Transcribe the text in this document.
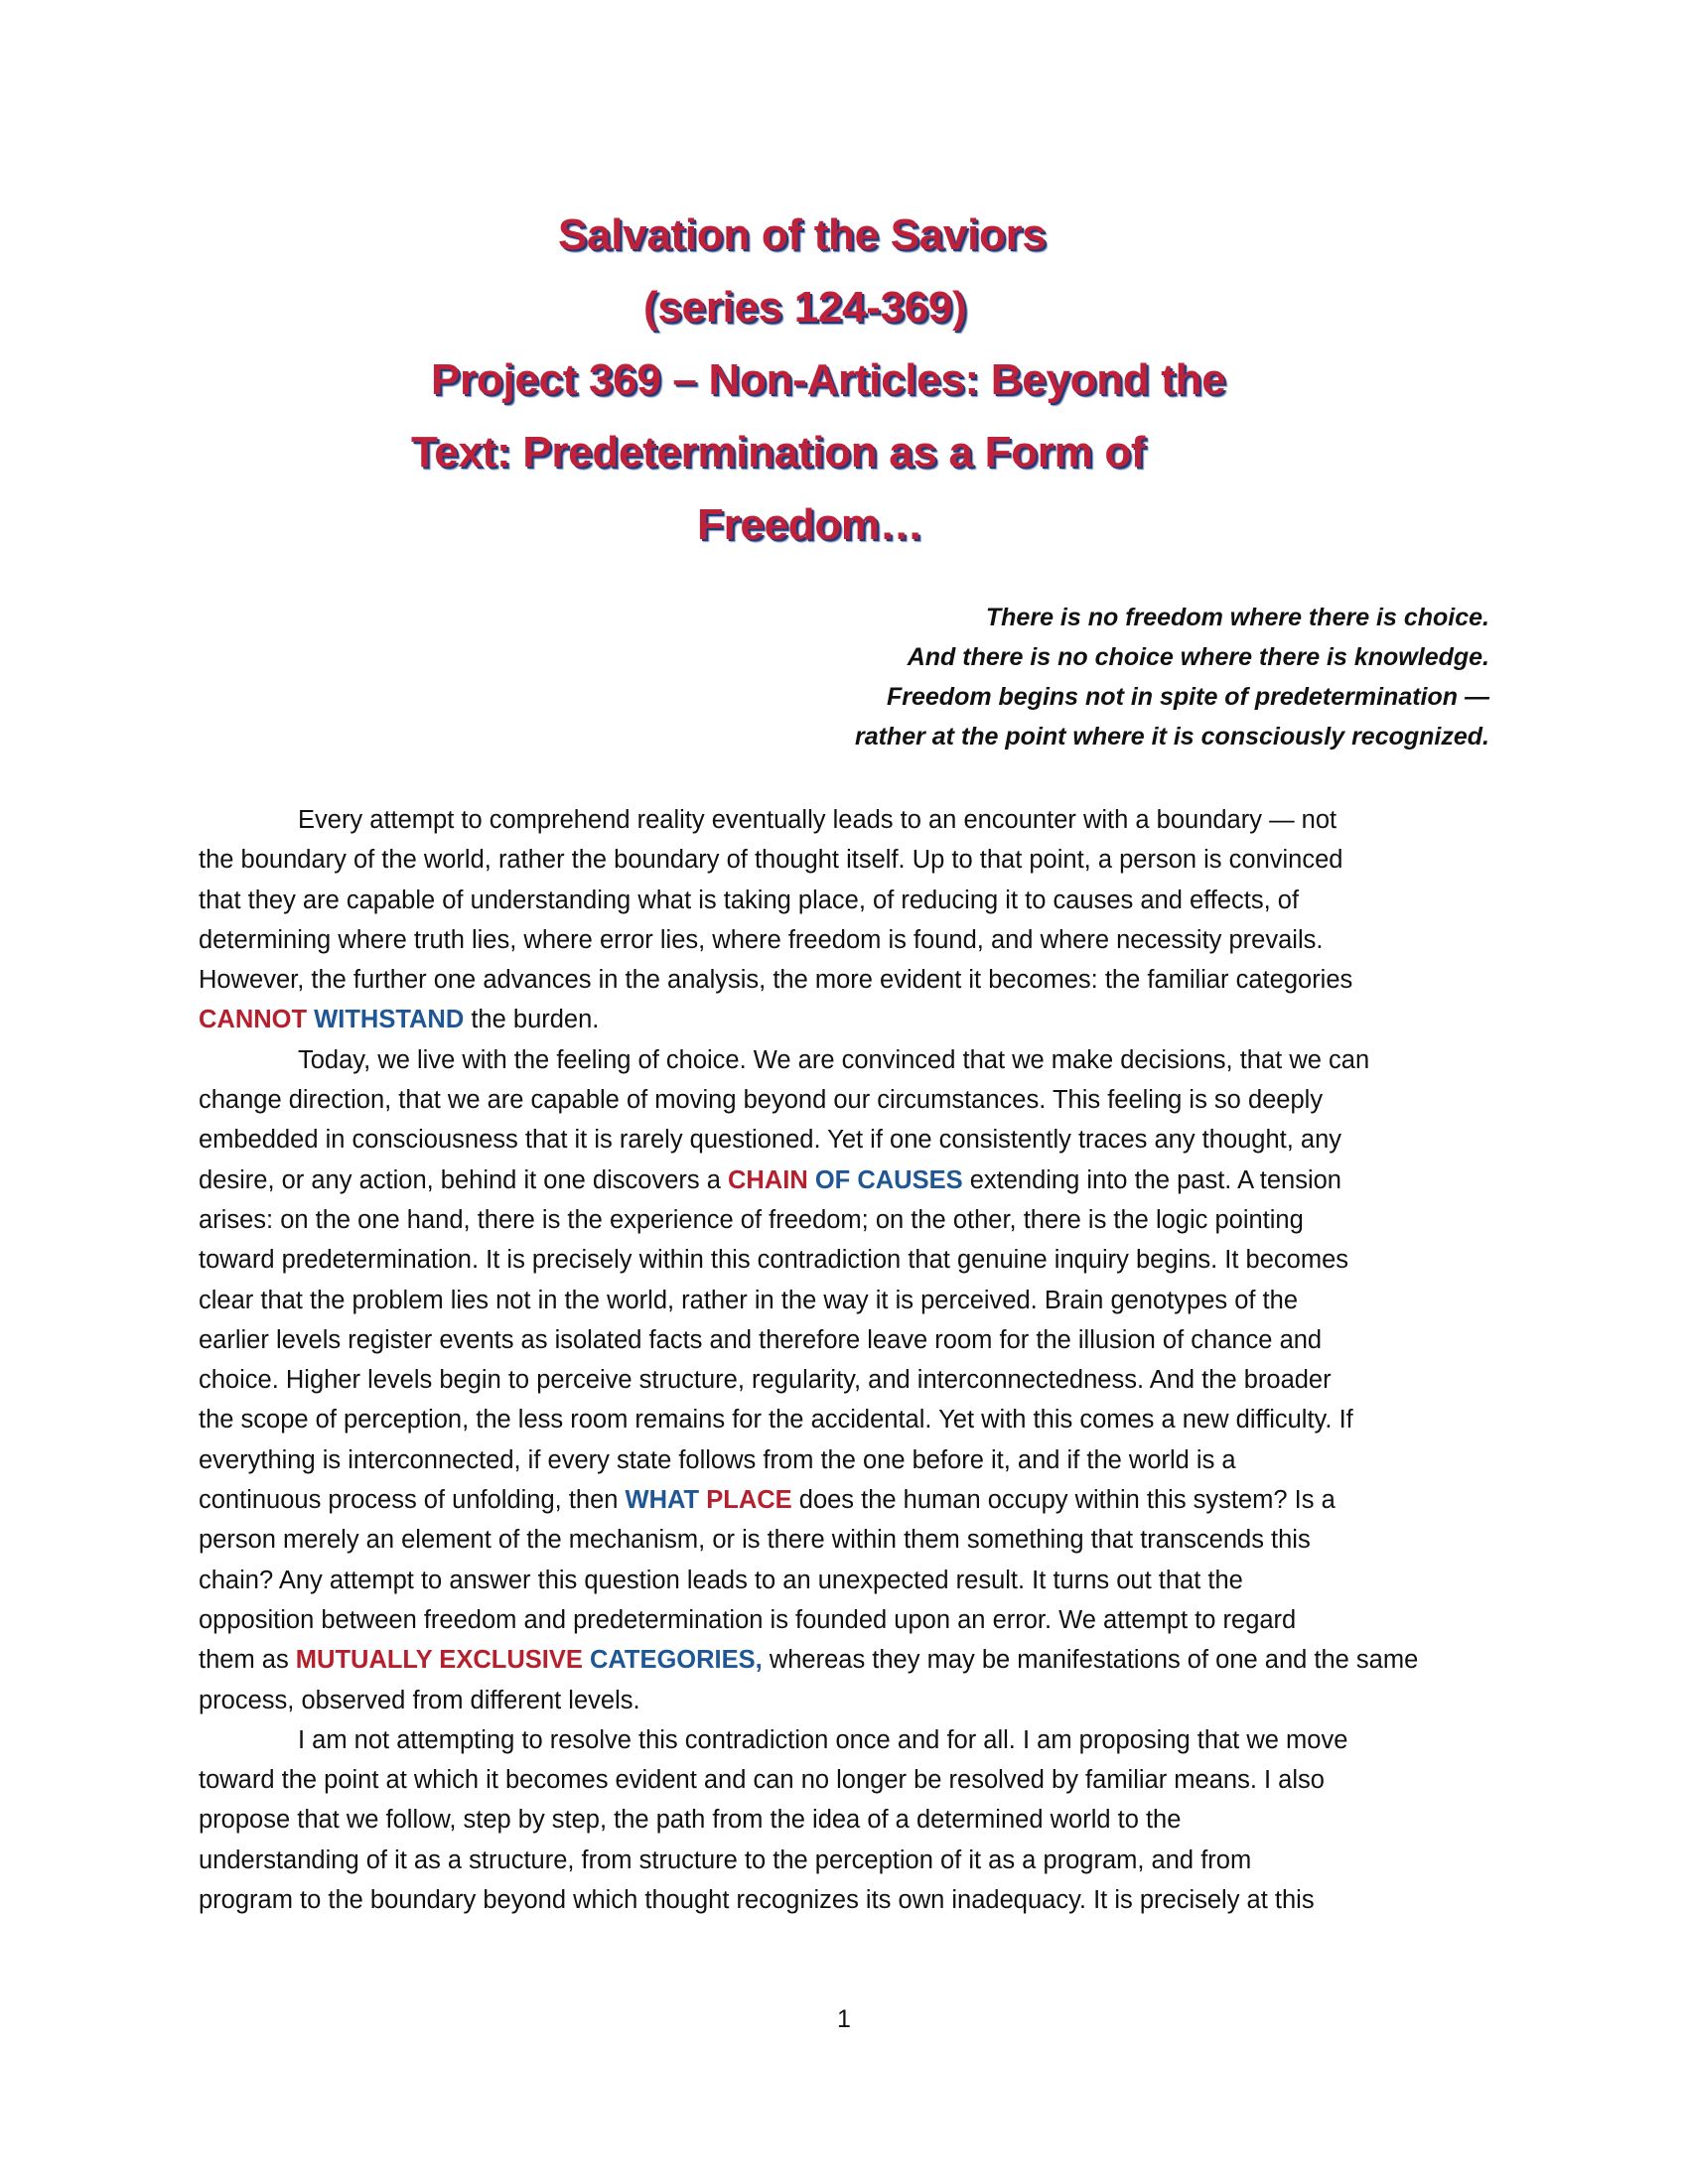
Salvation of the Saviors
(series 124-369)
Project 369 – Non-Articles: Beyond the
Text: Predetermination as a Form of
Freedom…

There is no freedom where there is choice.

And there is no choice where there is knowledge.

Freedom begins not in spite of predetermination —

rather at the point where it is consciously recognized.

Every attempt to comprehend reality eventually leads to an encounter with a boundary — not

the boundary of the world, rather the boundary of thought itself. Up to that point, a person is convinced

that they are capable of understanding what is taking place, of reducing it to causes and effects, of

determining where truth lies, where error lies, where freedom is found, and where necessity prevails.

However, the further one advances in the analysis, the more evident it becomes: the familiar categories

CANNOT WITHSTAND the burden.

Today, we live with the feeling of choice. We are convinced that we make decisions, that we can

change direction, that we are capable of moving beyond our circumstances. This feeling is so deeply

embedded in consciousness that it is rarely questioned. Yet if one consistently traces any thought, any

desire, or any action, behind it one discovers a CHAIN OF CAUSES extending into the past. A tension

arises: on the one hand, there is the experience of freedom; on the other, there is the logic pointing

toward predetermination. It is precisely within this contradiction that genuine inquiry begins. It becomes

clear that the problem lies not in the world, rather in the way it is perceived. Brain genotypes of the

earlier levels register events as isolated facts and therefore leave room for the illusion of chance and

choice. Higher levels begin to perceive structure, regularity, and interconnectedness. And the broader

the scope of perception, the less room remains for the accidental. Yet with this comes a new difficulty. If

everything is interconnected, if every state follows from the one before it, and if the world is a

continuous process of unfolding, then WHAT PLACE does the human occupy within this system? Is a

person merely an element of the mechanism, or is there within them something that transcends this

chain? Any attempt to answer this question leads to an unexpected result. It turns out that the

opposition between freedom and predetermination is founded upon an error. We attempt to regard

them as MUTUALLY EXCLUSIVE CATEGORIES, whereas they may be manifestations of one and the same

process, observed from different levels.

I am not attempting to resolve this contradiction once and for all. I am proposing that we move

toward the point at which it becomes evident and can no longer be resolved by familiar means. I also

propose that we follow, step by step, the path from the idea of a determined world to the

understanding of it as a structure, from structure to the perception of it as a program, and from

program to the boundary beyond which thought recognizes its own inadequacy. It is precisely at this

1
